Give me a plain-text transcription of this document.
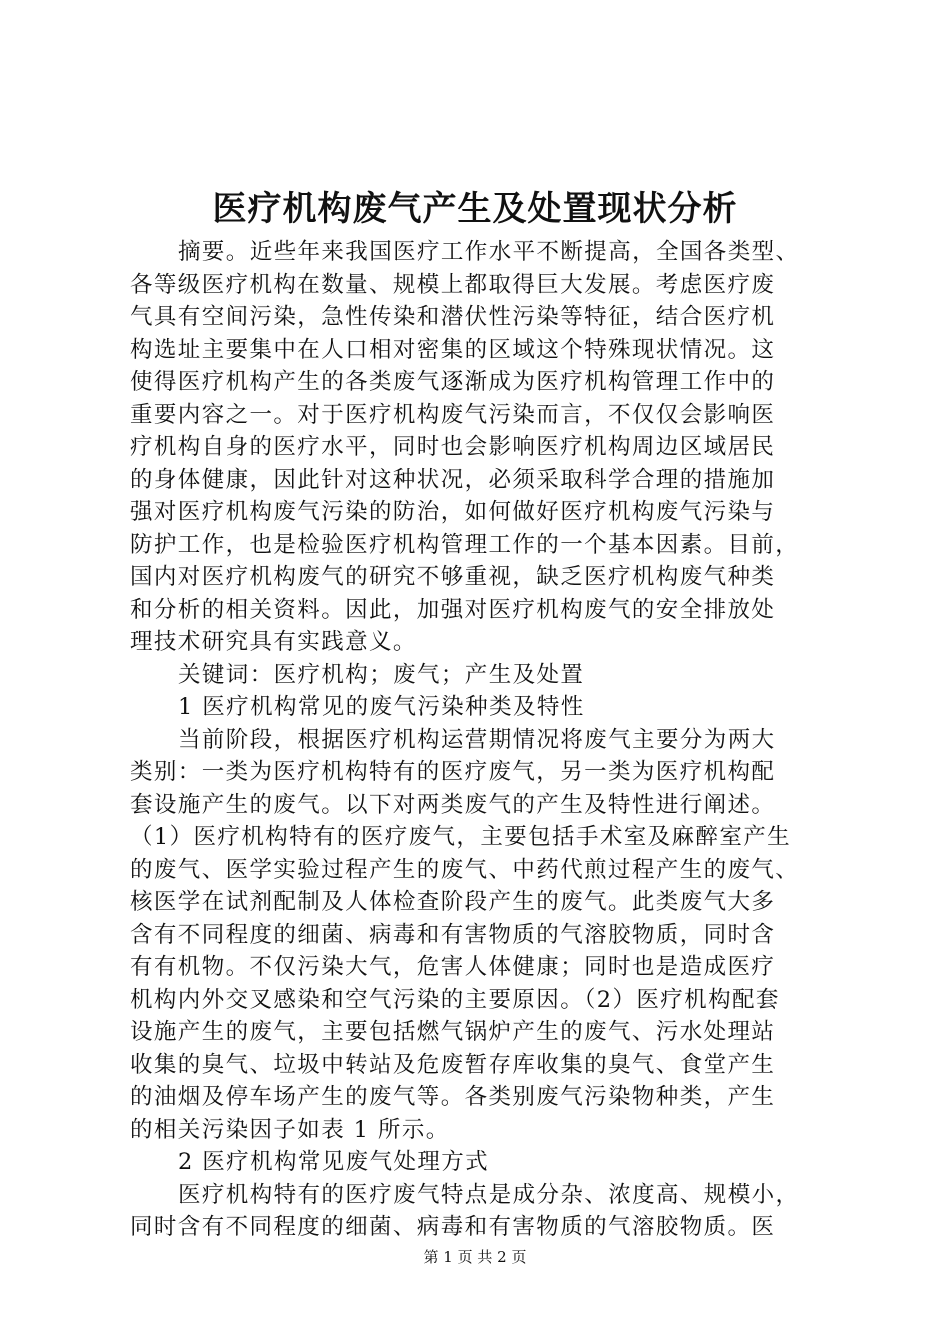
医疗机构废气产生及处置现状分析
摘要。近些年来我国医疗工作水平不断提高，全国各类型、
各等级医疗机构在数量、规模上都取得巨大发展。考虑医疗废
气具有空间污染，急性传染和潜伏性污染等特征，结合医疗机
构选址主要集中在人口相对密集的区域这个特殊现状情况。这
使得医疗机构产生的各类废气逐渐成为医疗机构管理工作中的
重要内容之一。对于医疗机构废气污染而言，不仅仅会影响医
疗机构自身的医疗水平，同时也会影响医疗机构周边区域居民
的身体健康，因此针对这种状况，必须采取科学合理的措施加
强对医疗机构废气污染的防治，如何做好医疗机构废气污染与
防护工作，也是检验医疗机构管理工作的一个基本因素。目前，
国内对医疗机构废气的研究不够重视，缺乏医疗机构废气种类
和分析的相关资料。因此，加强对医疗机构废气的安全排放处
理技术研究具有实践意义。
关键词：医疗机构；废气；产生及处置
1 医疗机构常见的废气污染种类及特性
当前阶段，根据医疗机构运营期情况将废气主要分为两大
类别：一类为医疗机构特有的医疗废气，另一类为医疗机构配
套设施产生的废气。以下对两类废气的产生及特性进行阐述。
（1）医疗机构特有的医疗废气，主要包括手术室及麻醉室产生
的废气、医学实验过程产生的废气、中药代煎过程产生的废气、
核医学在试剂配制及人体检查阶段产生的废气。此类废气大多
含有不同程度的细菌、病毒和有害物质的气溶胶物质，同时含
有有机物。不仅污染大气，危害人体健康；同时也是造成医疗
机构内外交叉感染和空气污染的主要原因。（2）医疗机构配套
设施产生的废气，主要包括燃气锅炉产生的废气、污水处理站
收集的臭气、垃圾中转站及危废暂存库收集的臭气、食堂产生
的油烟及停车场产生的废气等。各类别废气污染物种类，产生
的相关污染因子如表 1 所示。
2 医疗机构常见废气处理方式
医疗机构特有的医疗废气特点是成分杂、浓度高、规模小，
同时含有不同程度的细菌、病毒和有害物质的气溶胶物质。医
第 1 页 共 2 页
